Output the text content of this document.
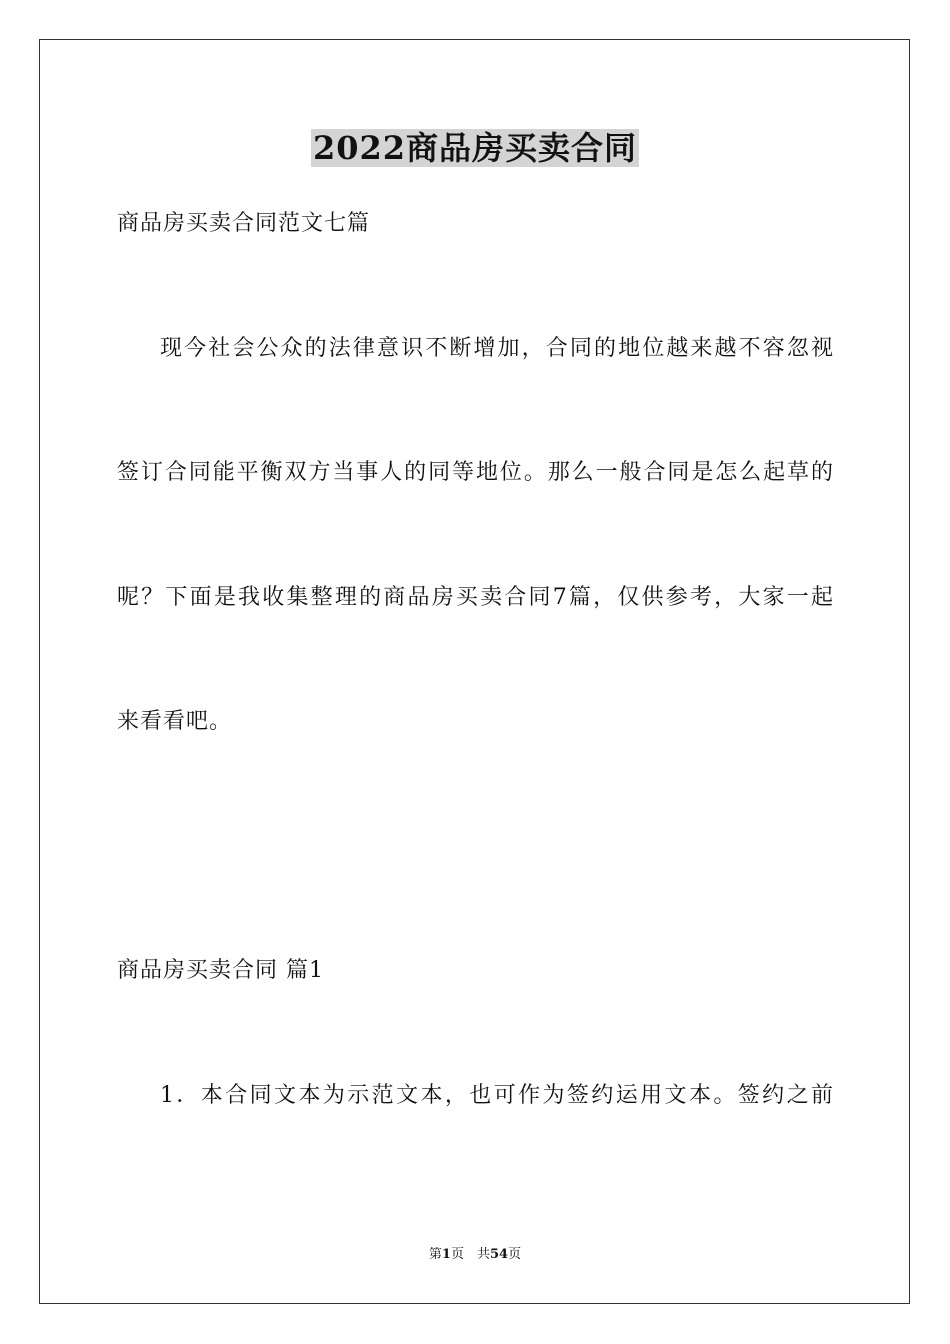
2022商品房买卖合同
商品房买卖合同范文七篇
现今社会公众的法律意识不断增加，合同的地位越来越不容忽视
签订合同能平衡双方当事人的同等地位。那么一般合同是怎么起草的
呢？下面是我收集整理的商品房买卖合同7篇，仅供参考，大家一起
来看看吧。
商品房买卖合同 篇1
1．本合同文本为示范文本，也可作为签约运用文本。签约之前
第1页　共54页
